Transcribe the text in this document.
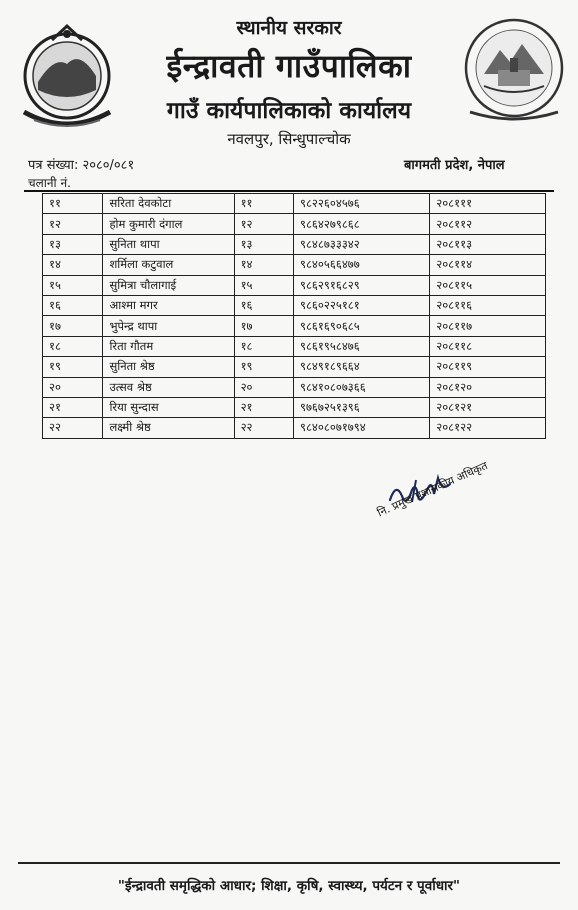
स्थानीय सरकार
ईन्द्रावती गाउँपालिका
गाउँ कार्यपालिकाको कार्यालय
नवलपुर, सिन्धुपाल्चोक
पत्र संख्या: २०८०/०८१	बागमती प्रदेश, नेपाल
चलानी नं.
११	सरिता देवकोटा	११	९८२२६०४५७६	२०८१११
१२	होम कुमारी दंगाल	१२	९८६४२७९८६८	२०८११२
१३	सुनिता थापा	१३	९८४८७३३३४२	२०८११३
१४	शर्मिला कटुवाल	१४	९८४०५६६४७७	२०८११४
१५	सुमित्रा चौलागाई	१५	९८६२९१६८२९	२०८११५
१६	आश्मा मगर	१६	९८६०२२५१८१	२०८११६
१७	भुपेन्द्र थापा	१७	९८६१६९०६८५	२०८११७
१८	रिता गौतम	१८	९८६१९५८४७६	२०८११८
१९	सुनिता श्रेष्ठ	१९	९८४९१८९६६४	२०८११९
२०	उत्सव श्रेष्ठ	२०	९८४१०८०७३६६	२०८१२०
२१	रिया सुन्दास	२१	९७६७२५१३९६	२०८१२१
२२	लक्ष्मी श्रेष्ठ	२२	९८४०८०७१७९४	२०८१२२
नि. प्रमुख प्रशासकीय अधिकृत
"ईन्द्रावती समृद्धिको आधार; शिक्षा, कृषि, स्वास्थ्य, पर्यटन र पूर्वाधार"
